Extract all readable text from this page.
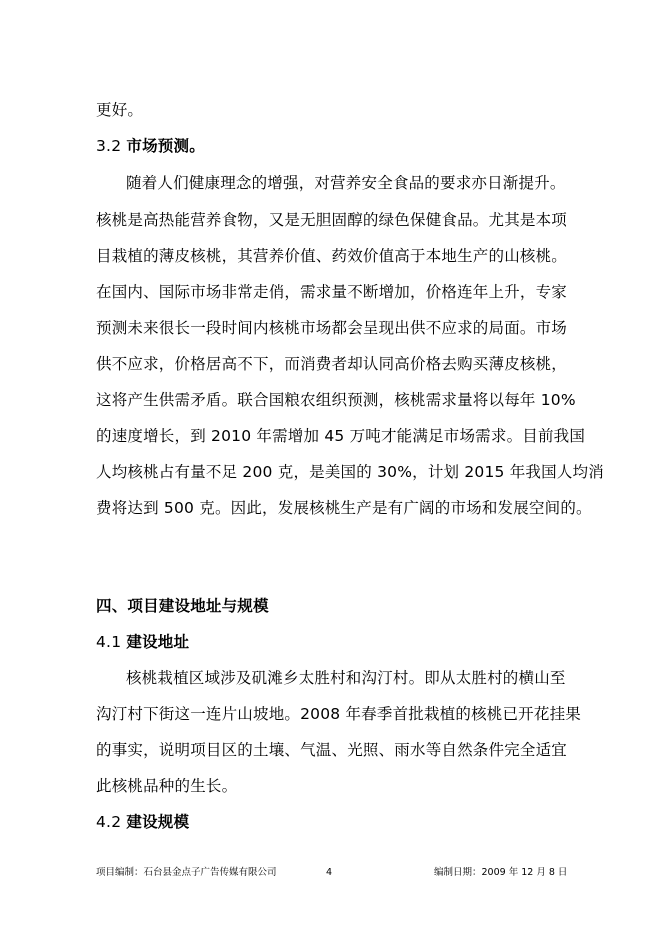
更好。
3.2 市场预测。
随着人们健康理念的增强，对营养安全食品的要求亦日渐提升。
核桃是高热能营养食物，又是无胆固醇的绿色保健食品。尤其是本项
目栽植的薄皮核桃，其营养价值、药效价值高于本地生产的山核桃。
在国内、国际市场非常走俏，需求量不断增加，价格连年上升，专家
预测未来很长一段时间内核桃市场都会呈现出供不应求的局面。市场
供不应求，价格居高不下，而消费者却认同高价格去购买薄皮核桃，
这将产生供需矛盾。联合国粮农组织预测，核桃需求量将以每年 10%
的速度增长，到 2010 年需增加 45 万吨才能满足市场需求。目前我国
人均核桃占有量不足 200 克，是美国的 30%，计划 2015 年我国人均消
费将达到 500 克。因此，发展核桃生产是有广阔的市场和发展空间的。
四、项目建设地址与规模
4.1 建设地址
核桃栽植区域涉及矶滩乡太胜村和沟汀村。即从太胜村的横山至
沟汀村下街这一连片山坡地。2008 年春季首批栽植的核桃已开花挂果
的事实，说明项目区的土壤、气温、光照、雨水等自然条件完全适宜
此核桃品种的生长。
4.2 建设规模
项目编制：石台县金点子广告传媒有限公司	4	编制日期：2009 年 12 月 8 日
